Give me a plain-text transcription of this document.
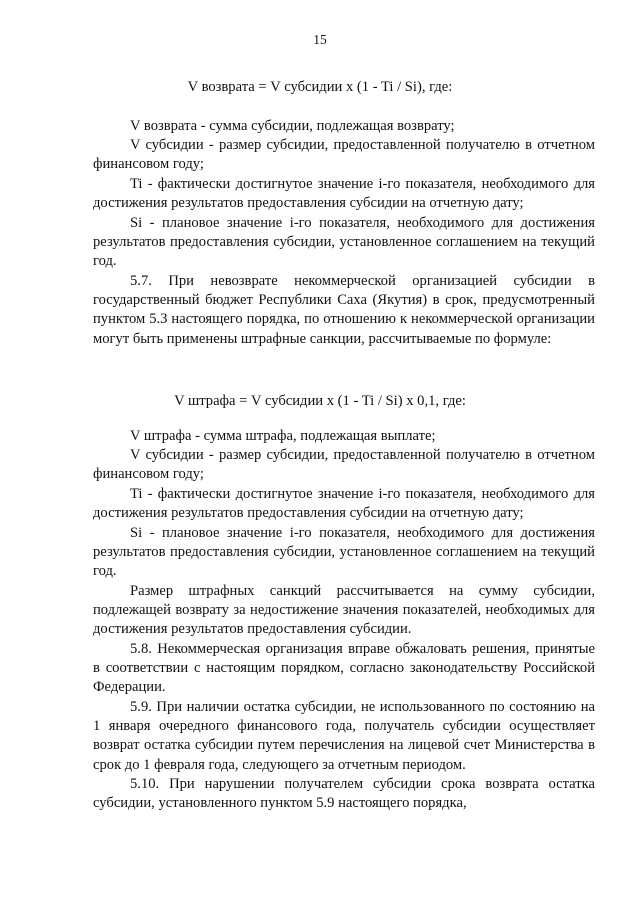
15
V возврата = V субсидии x (1 - Ti / Si), где:
V возврата - сумма субсидии, подлежащая возврату;
V субсидии - размер субсидии, предоставленной получателю в отчетном финансовом году;
Ti - фактически достигнутое значение i-го показателя, необходимого для достижения результатов предоставления субсидии на отчетную дату;
Si - плановое значение i-го показателя, необходимого для достижения результатов предоставления субсидии, установленное соглашением на текущий год.
5.7. При невозврате некоммерческой организацией субсидии в государственный бюджет Республики Саха (Якутия) в срок, предусмотренный пунктом 5.3 настоящего порядка, по отношению к некоммерческой организации могут быть применены штрафные санкции, рассчитываемые по формуле:
V штрафа = V субсидии x (1 - Ti / Si) x 0,1, где:
V штрафа - сумма штрафа, подлежащая выплате;
V субсидии - размер субсидии, предоставленной получателю в отчетном финансовом году;
Ti - фактически достигнутое значение i-го показателя, необходимого для достижения результатов предоставления субсидии на отчетную дату;
Si - плановое значение i-го показателя, необходимого для достижения результатов предоставления субсидии, установленное соглашением на текущий год.
Размер штрафных санкций рассчитывается на сумму субсидии, подлежащей возврату за недостижение значения показателей, необходимых для достижения результатов предоставления субсидии.
5.8. Некоммерческая организация вправе обжаловать решения, принятые в соответствии с настоящим порядком, согласно законодательству Российской Федерации.
5.9. При наличии остатка субсидии, не использованного по состоянию на 1 января очередного финансового года, получатель субсидии осуществляет возврат остатка субсидии путем перечисления на лицевой счет Министерства в срок до 1 февраля года, следующего за отчетным периодом.
5.10. При нарушении получателем субсидии срока возврата остатка субсидии, установленного пунктом 5.9 настоящего порядка,
